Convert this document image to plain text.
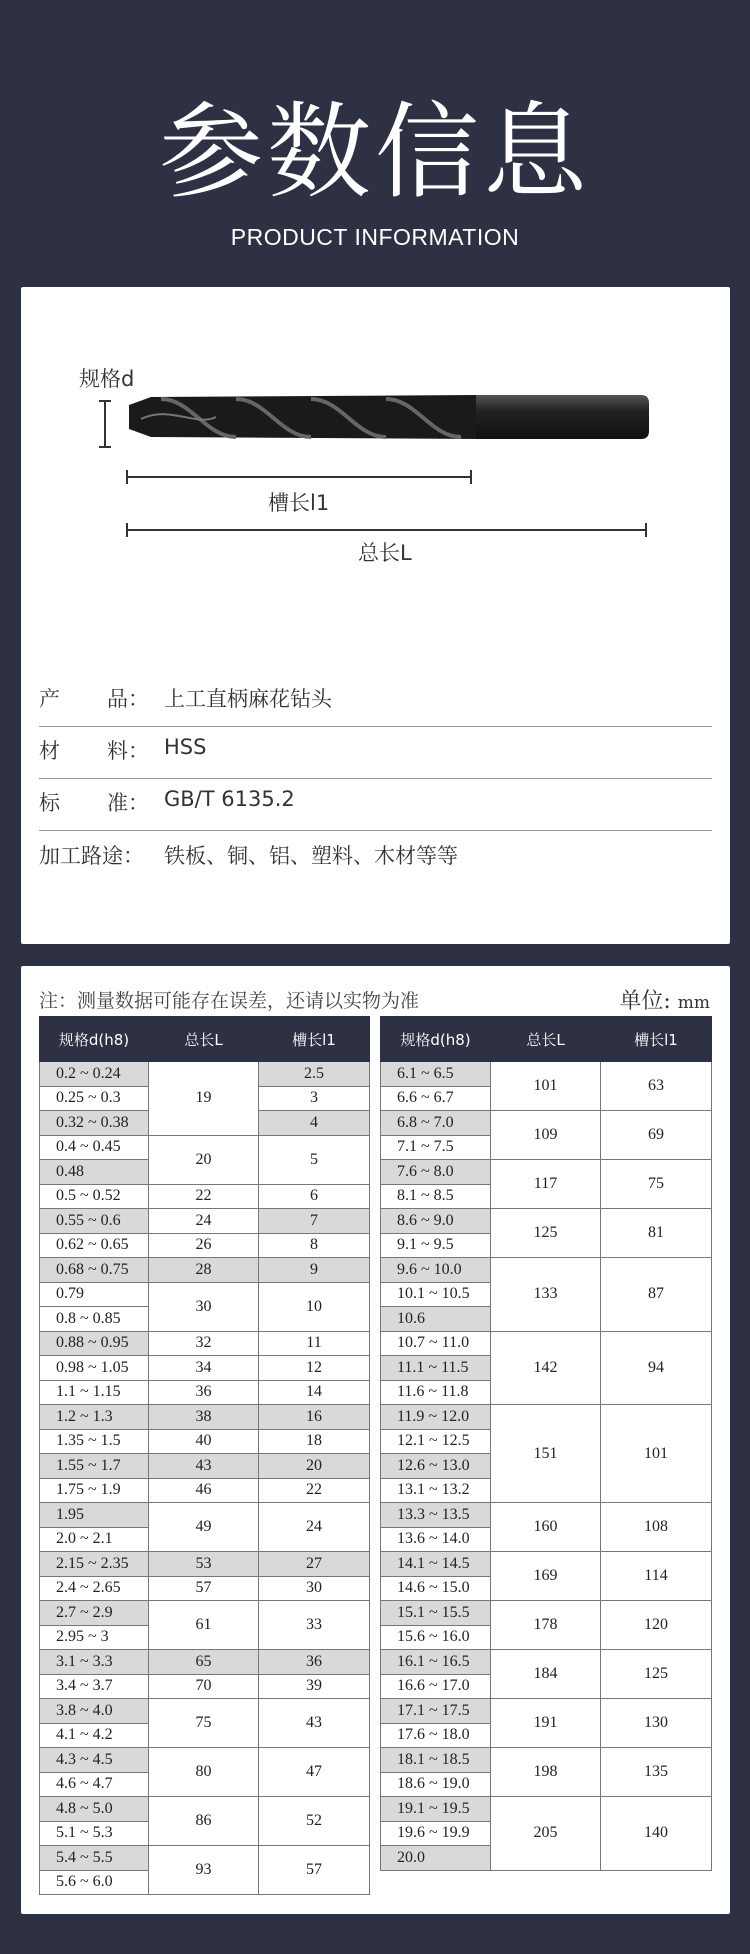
参数信息
PRODUCT INFORMATION
规格d
槽长l1
总长L
产 品： 上工直柄麻花钻头
材 料： HSS
标 准： GB/T 6135.2
加工路途： 铁板、铜、铝、塑料、木材等等
注：测量数据可能存在误差，还请以实物为准	单位: mm
规格d(h8)	总长L	槽长l1
0.2 ~ 0.24	19	2.5
0.25 ~ 0.3		3
0.32 ~ 0.38		4
0.4 ~ 0.45	20	5
0.48		
0.5 ~ 0.52	22	6
0.55 ~ 0.6	24	7
0.62 ~ 0.65	26	8
0.68 ~ 0.75	28	9
0.79	30	10
0.8 ~ 0.85		
0.88 ~ 0.95	32	11
0.98 ~ 1.05	34	12
1.1 ~ 1.15	36	14
1.2 ~ 1.3	38	16
1.35 ~ 1.5	40	18
1.55 ~ 1.7	43	20
1.75 ~ 1.9	46	22
1.95	49	24
2.0 ~ 2.1		
2.15 ~ 2.35	53	27
2.4 ~ 2.65	57	30
2.7 ~ 2.9	61	33
2.95 ~ 3		
3.1 ~ 3.3	65	36
3.4 ~ 3.7	70	39
3.8 ~ 4.0	75	43
4.1 ~ 4.2		
4.3 ~ 4.5	80	47
4.6 ~ 4.7		
4.8 ~ 5.0	86	52
5.1 ~ 5.3		
5.4 ~ 5.5	93	57
5.6 ~ 6.0		
规格d(h8)	总长L	槽长l1
6.1 ~ 6.5	101	63
6.6 ~ 6.7		
6.8 ~ 7.0	109	69
7.1 ~ 7.5		
7.6 ~ 8.0	117	75
8.1 ~ 8.5		
8.6 ~ 9.0	125	81
9.1 ~ 9.5		
9.6 ~ 10.0	133	87
10.1 ~ 10.5		
10.6		
10.7 ~ 11.0	142	94
11.1 ~ 11.5		
11.6 ~ 11.8		
11.9 ~ 12.0	151	101
12.1 ~ 12.5		
12.6 ~ 13.0		
13.1 ~ 13.2		
13.3 ~ 13.5	160	108
13.6 ~ 14.0		
14.1 ~ 14.5	169	114
14.6 ~ 15.0		
15.1 ~ 15.5	178	120
15.6 ~ 16.0		
16.1 ~ 16.5	184	125
16.6 ~ 17.0		
17.1 ~ 17.5	191	130
17.6 ~ 18.0		
18.1 ~ 18.5	198	135
18.6 ~ 19.0		
19.1 ~ 19.5	205	140
19.6 ~ 19.9		
20.0		
